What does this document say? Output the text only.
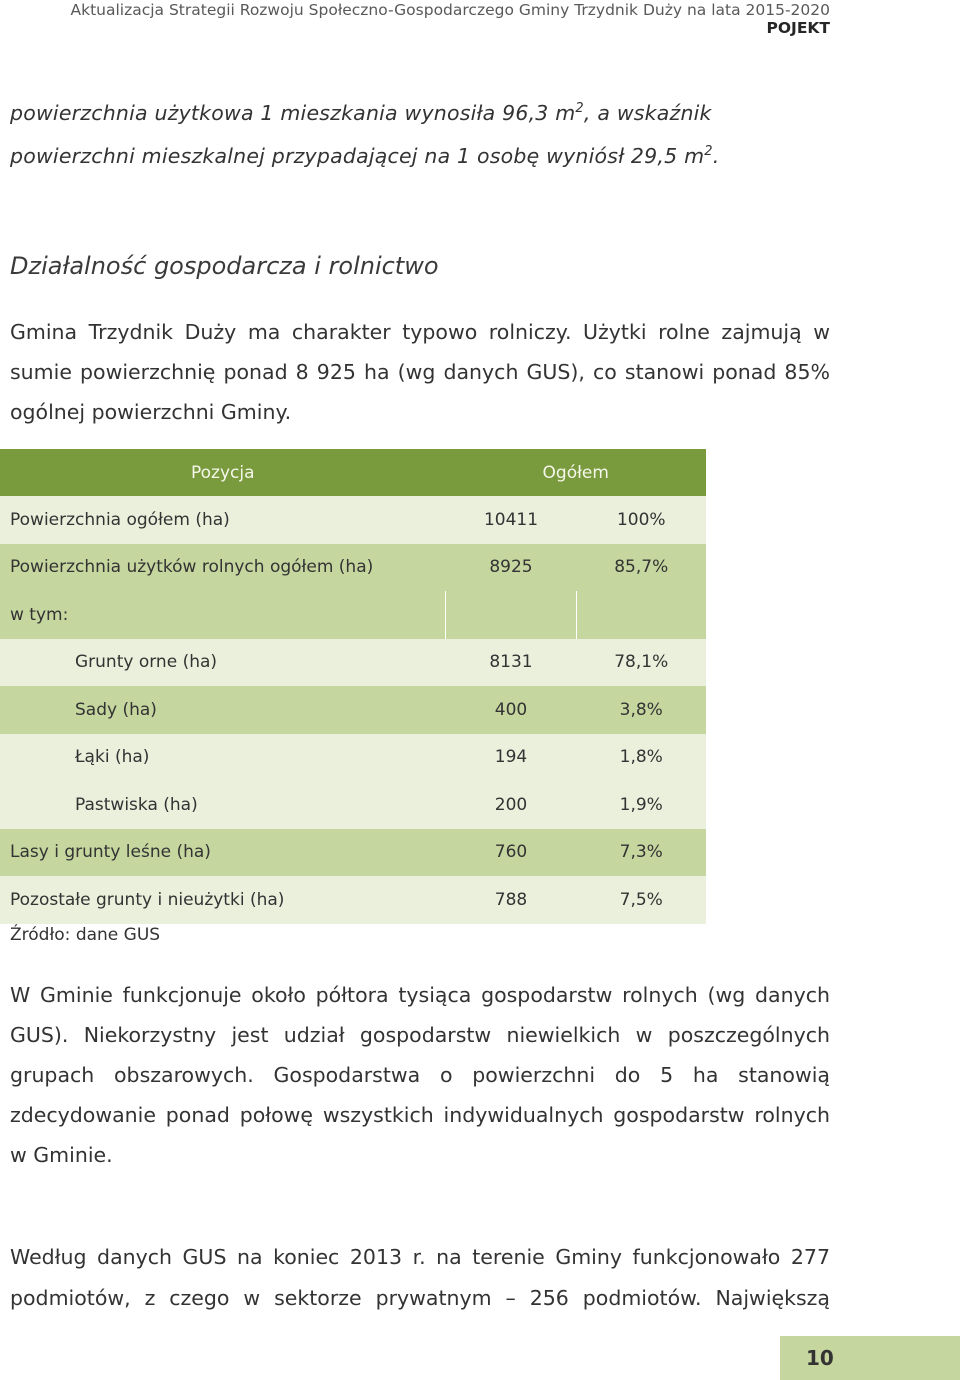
Aktualizacja Strategii Rozwoju Społeczno-Gospodarczego Gminy Trzydnik Duży na lata 2015-2020
POJEKT
powierzchnia użytkowa 1 mieszkania wynosiła 96,3 $m^2$, a wskaźnik powierzchni mieszkalnej przypadającej na 1 osobę wyniósł 29,5 $m^2$.
Działalność gospodarcza i rolnictwo
Gmina Trzydnik Duży ma charakter typowo rolniczy. Użytki rolne zajmują w sumie powierzchnię ponad 8 925 ha (wg danych GUS), co stanowi ponad 85% ogólnej powierzchni Gminy.
Pozycja	Ogółem	
Powierzchnia ogółem (ha)	10411	100%
Powierzchnia użytków rolnych ogółem (ha)	8925	85,7%
w tym:		
Grunty orne (ha)	8131	78,1%
Sady (ha)	400	3,8%
Łąki (ha)	194	1,8%
Pastwiska (ha)	200	1,9%
Lasy i grunty leśne (ha)	760	7,3%
Pozostałe grunty i nieużytki (ha)	788	7,5%
Źródło: dane GUS
W Gminie funkcjonuje około półtora tysiąca gospodarstw rolnych (wg danych GUS). Niekorzystny jest udział gospodarstw niewielkich w poszczególnych grupach obszarowych. Gospodarstwa o powierzchni do 5 ha stanowią zdecydowanie ponad połowę wszystkich indywidualnych gospodarstw rolnych w Gminie.
Według danych GUS na koniec 2013 r. na terenie Gminy funkcjonowało 277 podmiotów, z czego w sektorze prywatnym – 256 podmiotów. Największą
10
